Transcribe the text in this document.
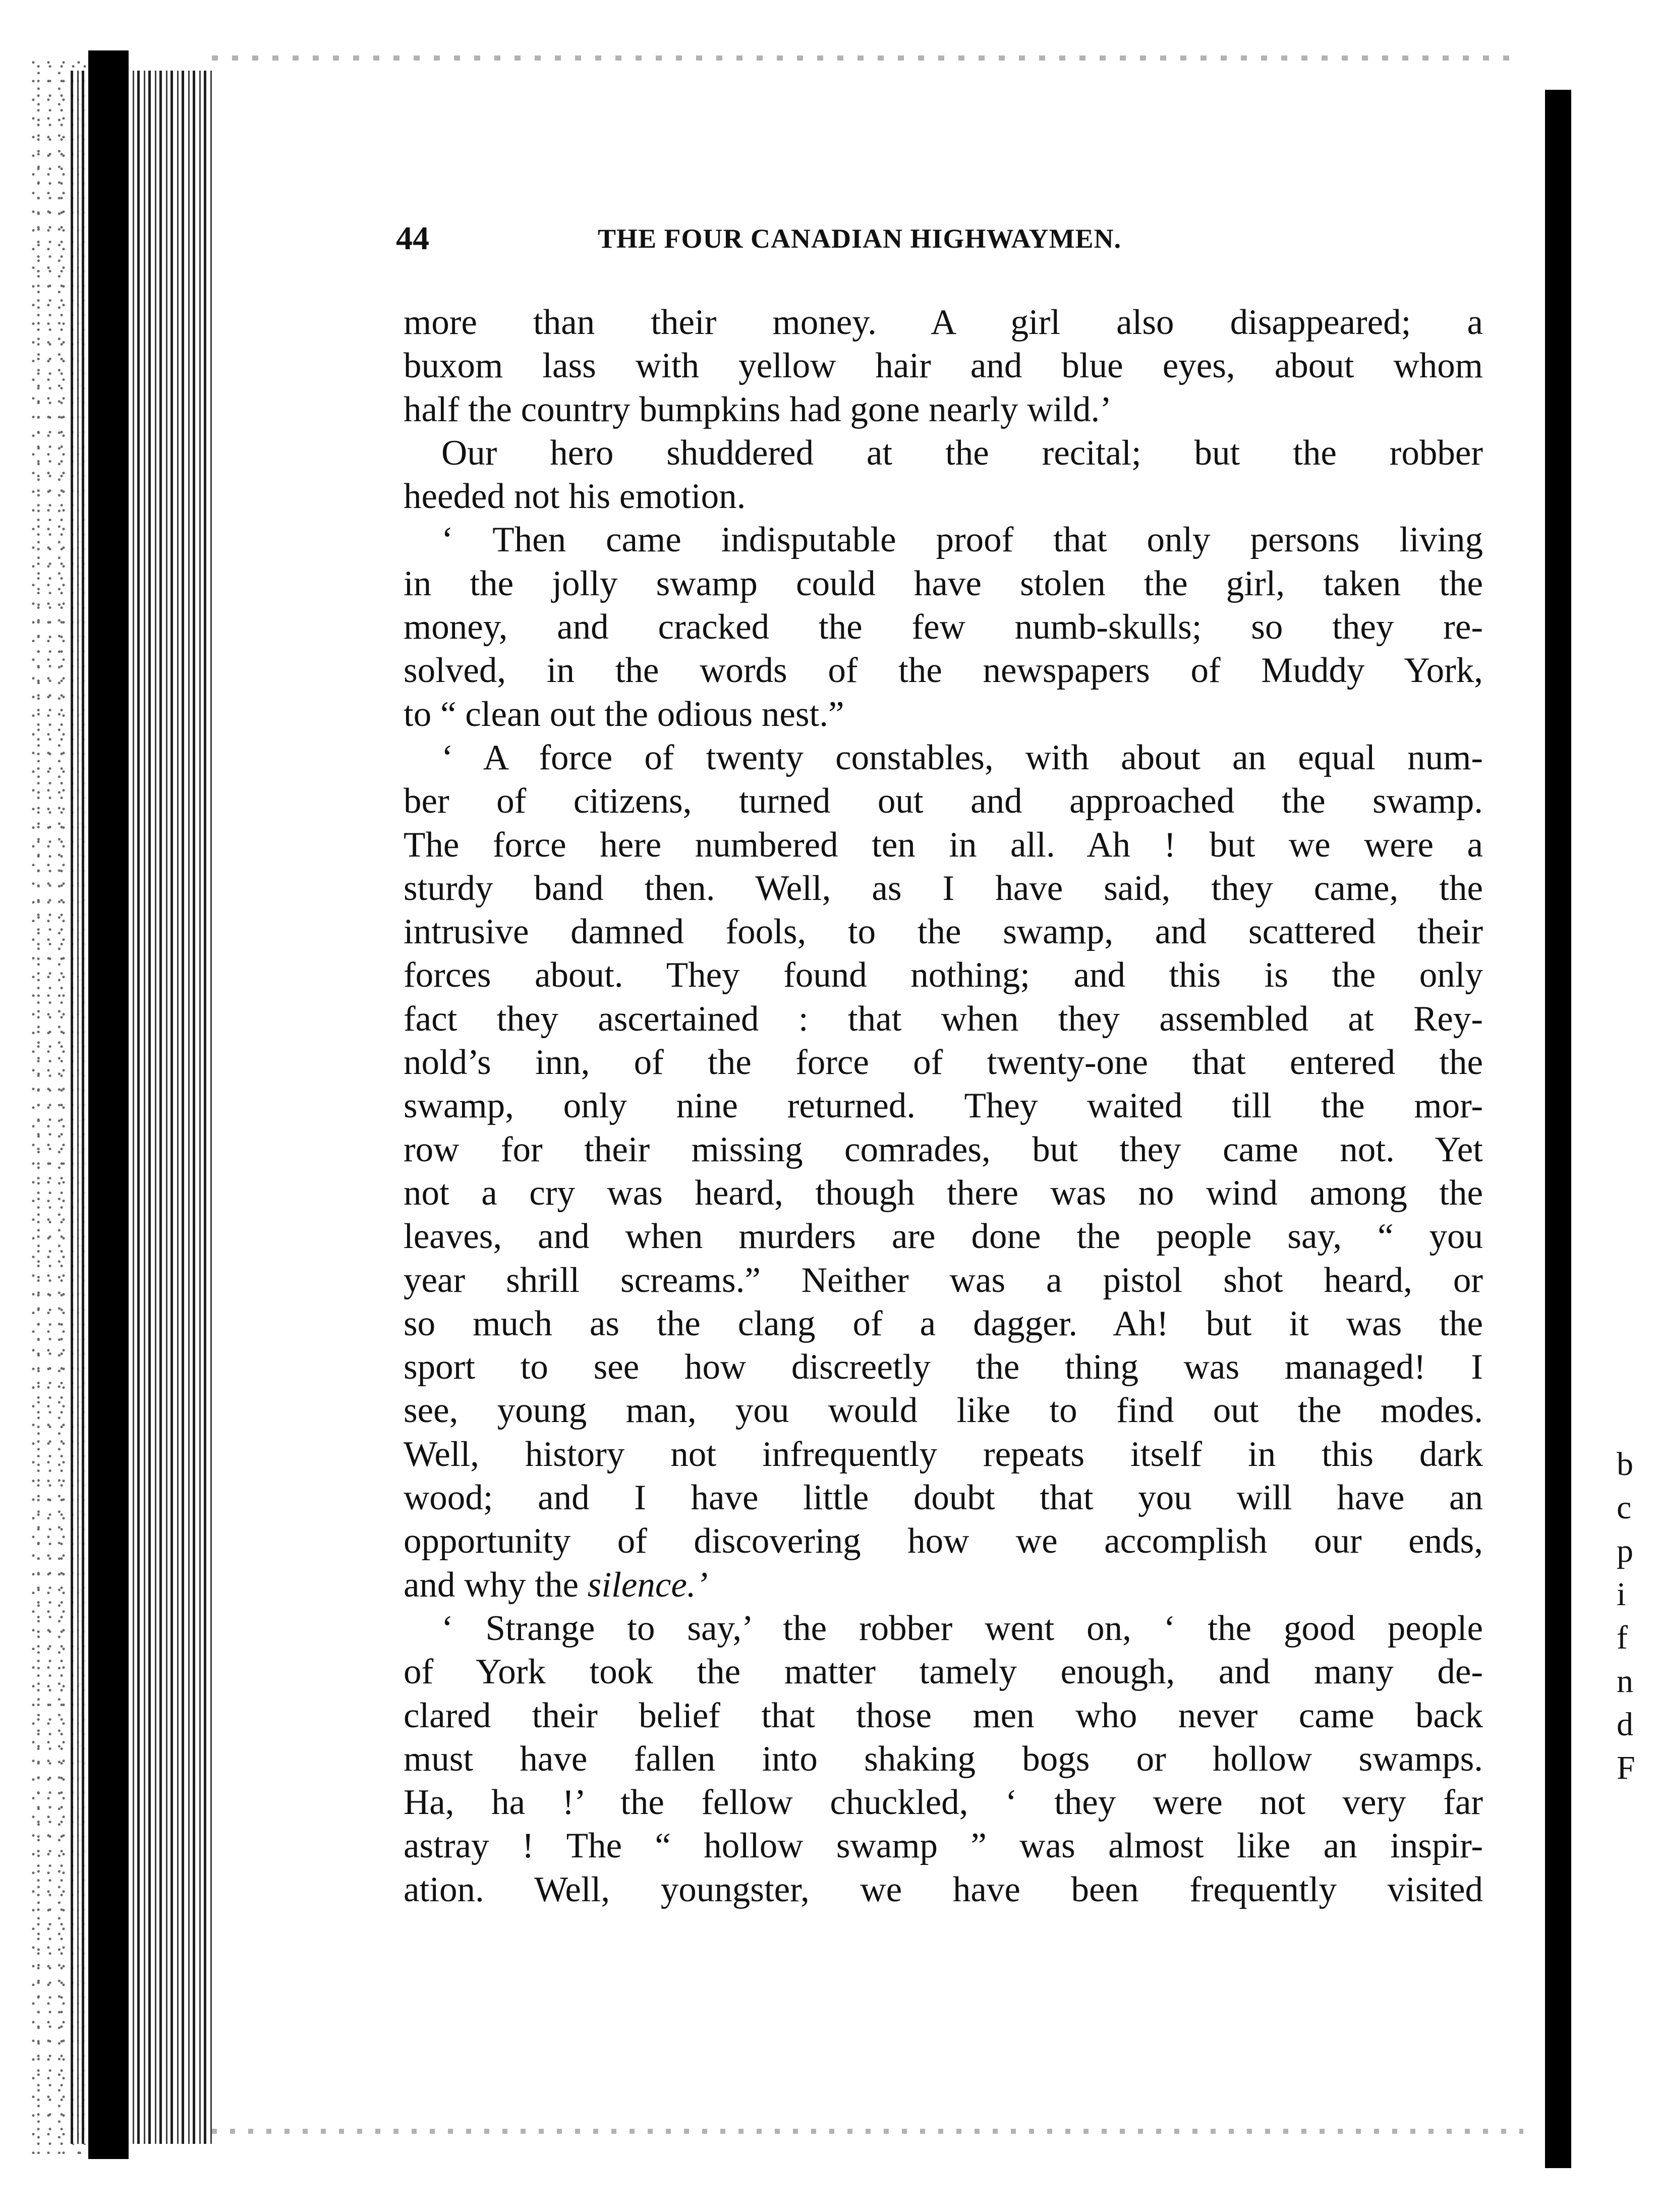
44	THE FOUR CANADIAN HIGHWAYMEN.
more than their money. A girl also disappeared; a
buxom lass with yellow hair and blue eyes, about whom
half the country bumpkins had gone nearly wild.’
Our hero shuddered at the recital; but the robber
heeded not his emotion.
‘ Then came indisputable proof that only persons living
in the jolly swamp could have stolen the girl, taken the
money, and cracked the few numb-skulls; so they re-
solved, in the words of the newspapers of Muddy York,
to “ clean out the odious nest.”
‘ A force of twenty constables, with about an equal num-
ber of citizens, turned out and approached the swamp.
The force here numbered ten in all. Ah ! but we were a
sturdy band then. Well, as I have said, they came, the
intrusive damned fools, to the swamp, and scattered their
forces about. They found nothing; and this is the only
fact they ascertained : that when they assembled at Rey-
nold’s inn, of the force of twenty-one that entered the
swamp, only nine returned. They waited till the mor-
row for their missing comrades, but they came not. Yet
not a cry was heard, though there was no wind among the
leaves, and when murders are done the people say, “ you
year shrill screams.” Neither was a pistol shot heard, or
so much as the clang of a dagger. Ah! but it was the
sport to see how discreetly the thing was managed! I
see, young man, you would like to find out the modes.
Well, history not infrequently repeats itself in this dark
wood; and I have little doubt that you will have an
opportunity of discovering how we accomplish our ends,
and why the silence.’
‘ Strange to say,’ the robber went on, ‘ the good people
of York took the matter tamely enough, and many de-
clared their belief that those men who never came back
must have fallen into shaking bogs or hollow swamps.
Ha, ha !’ the fellow chuckled, ‘ they were not very far
astray ! The “ hollow swamp ” was almost like an inspir-
ation. Well, youngster, we have been frequently visited
b
c
p
i
f
n
d
F
